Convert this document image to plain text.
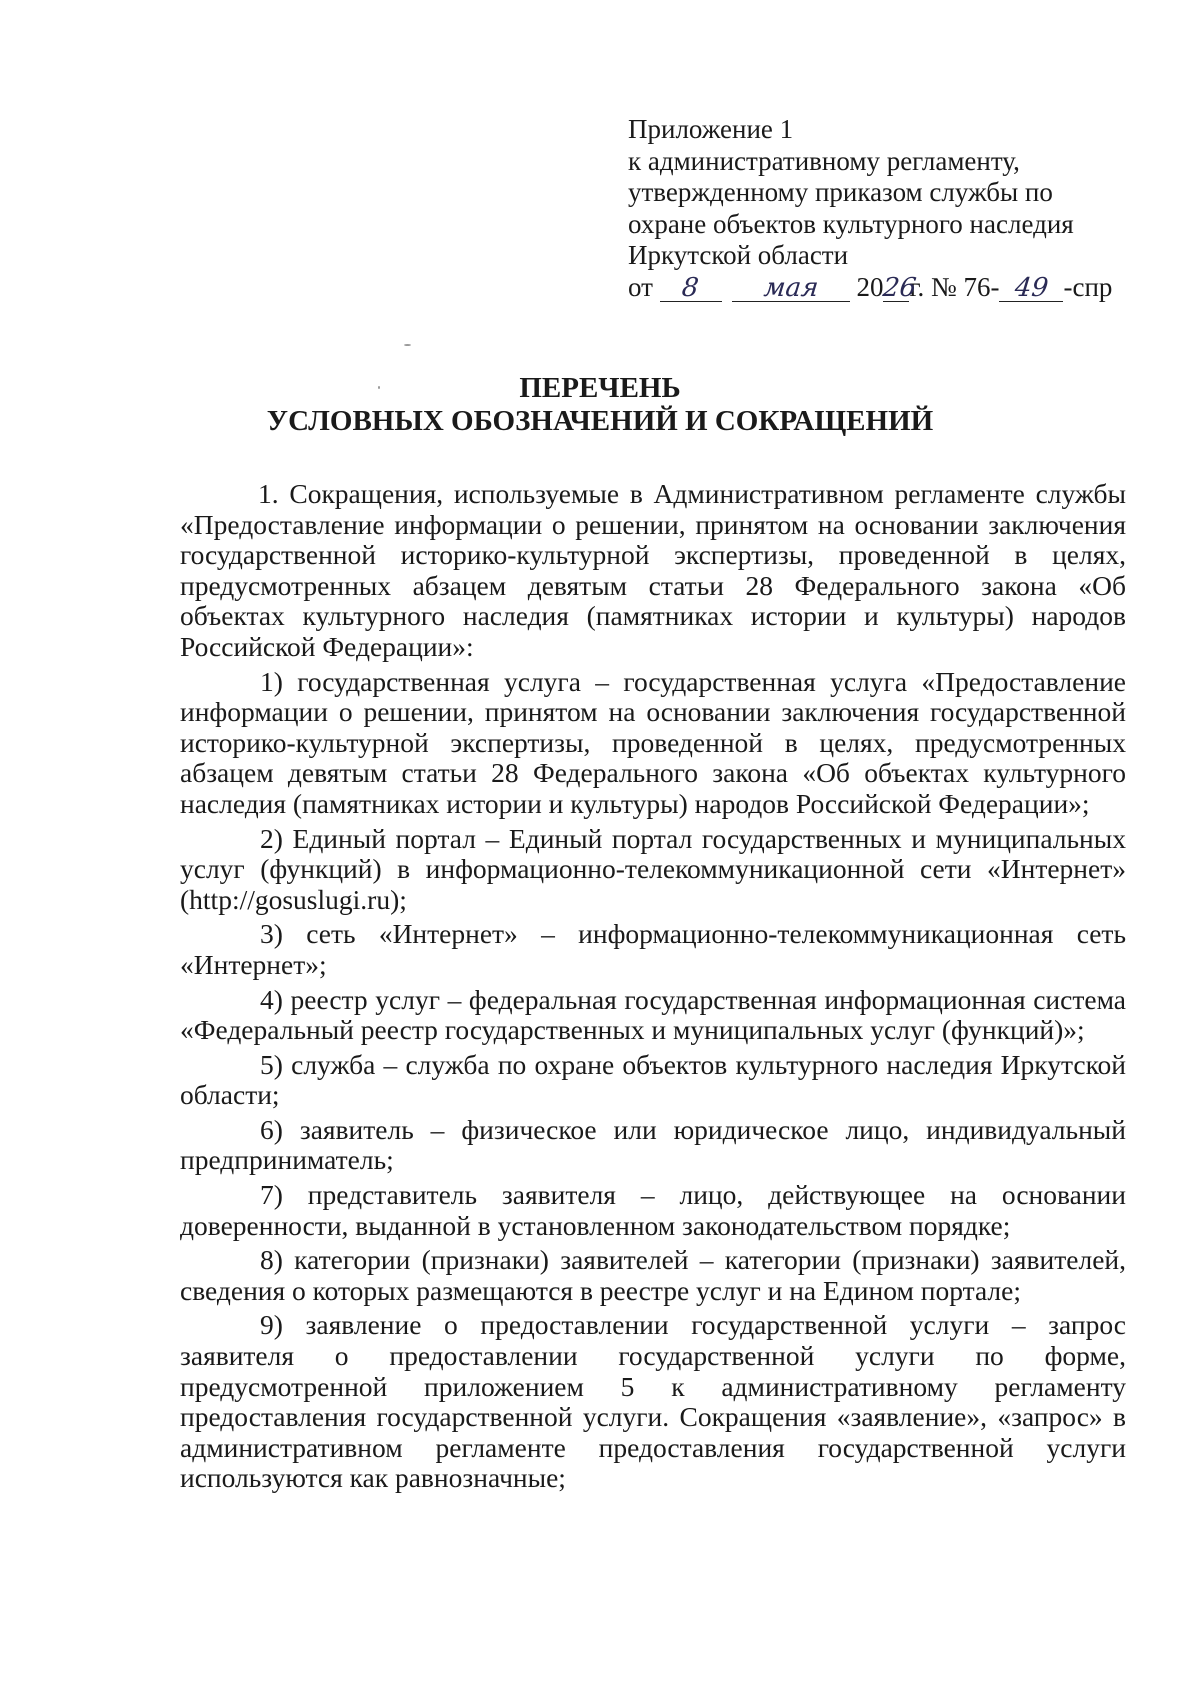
Приложение 1
к административному регламенту,
утвержденному приказом службы по
охране объектов культурного наследия
Иркутской области
от 8 мая 2026г. № 76- 49 -спр
ПЕРЕЧЕНЬ
УСЛОВНЫХ ОБОЗНАЧЕНИЙ И СОКРАЩЕНИЙ

1. Сокращения, используемые в Административном регламенте службы «Предоставление информации о решении, принятом на основании заключения государственной историко-культурной экспертизы, проведенной в целях, предусмотренных абзацем девятым статьи 28 Федерального закона «Об объектах культурного наследия (памятниках истории и культуры) народов Российской Федерации»:

1) государственная услуга – государственная услуга «Предоставление информации о решении, принятом на основании заключения государственной историко-культурной экспертизы, проведенной в целях, предусмотренных абзацем девятым статьи 28 Федерального закона «Об объектах культурного наследия (памятниках истории и культуры) народов Российской Федерации»;

2) Единый портал – Единый портал государственных и муниципальных услуг (функций) в информационно-телекоммуникационной сети «Интернет» (http://gosuslugi.ru);

3) сеть «Интернет» – информационно-телекоммуникационная сеть «Интернет»;

4) реестр услуг – федеральная государственная информационная система «Федеральный реестр государственных и муниципальных услуг (функций)»;

5) служба – служба по охране объектов культурного наследия Иркутской области;

6) заявитель – физическое или юридическое лицо, индивидуальный предприниматель;

7) представитель заявителя – лицо, действующее на основании доверенности, выданной в установленном законодательством порядке;

8) категории (признаки) заявителей – категории (признаки) заявителей, сведения о которых размещаются в реестре услуг и на Едином портале;

9) заявление о предоставлении государственной услуги – запрос заявителя о предоставлении государственной услуги по форме, предусмотренной приложением 5 к административному регламенту предоставления государственной услуги. Сокращения «заявление», «запрос» в административном регламенте предоставления государственной услуги используются как равнозначные;
